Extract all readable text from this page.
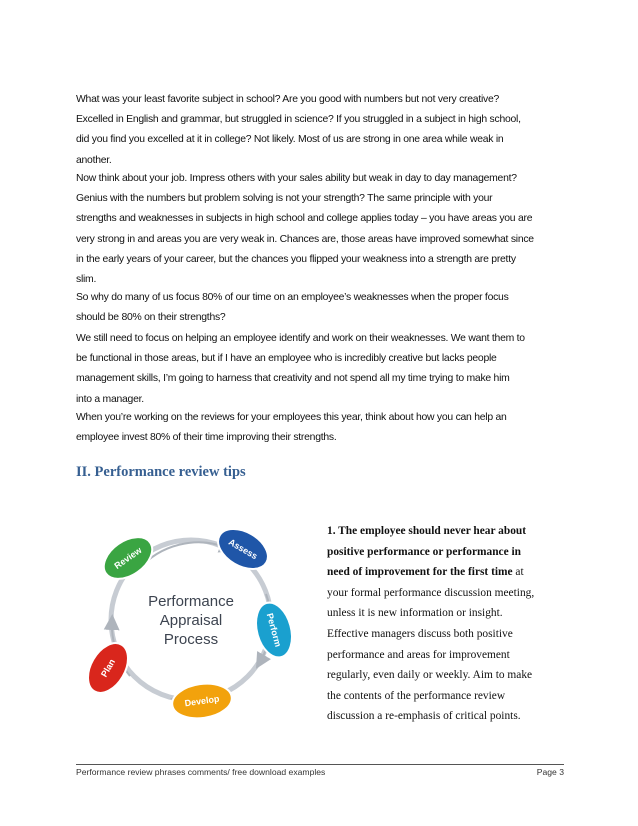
What was your least favorite subject in school? Are you good with numbers but not very creative?
Excelled in English and grammar, but struggled in science? If you struggled in a subject in high school,
did you find you excelled at it in college? Not likely. Most of us are strong in one area while weak in
another.
Now think about your job. Impress others with your sales ability but weak in day to day management?
Genius with the numbers but problem solving is not your strength? The same principle with your
strengths and weaknesses in subjects in high school and college applies today – you have areas you are
very strong in and areas you are very weak in. Chances are, those areas have improved somewhat since
in the early years of your career, but the chances you flipped your weakness into a strength are pretty
slim.
So why do many of us focus 80% of our time on an employee’s weaknesses when the proper focus
should be 80% on their strengths?
We still need to focus on helping an employee identify and work on their weaknesses. We want them to
be functional in those areas, but if I have an employee who is incredibly creative but lacks people
management skills, I’m going to harness that creativity and not spend all my time trying to make him
into a manager.
When you’re working on the reviews for your employees this year, think about how you can help an
employee invest 80% of their time improving their strengths.
II. Performance review tips
Performance
Appraisal
Process
Review	Assess
Perform
Develop
Plan
1. The employee should never hear about
positive performance or performance in
need of improvement for the first time at
your formal performance discussion meeting,
unless it is new information or insight.
Effective managers discuss both positive
performance and areas for improvement
regularly, even daily or weekly. Aim to make
the contents of the performance review
discussion a re-emphasis of critical points.
Performance review phrases comments/ free download examples	Page 3
